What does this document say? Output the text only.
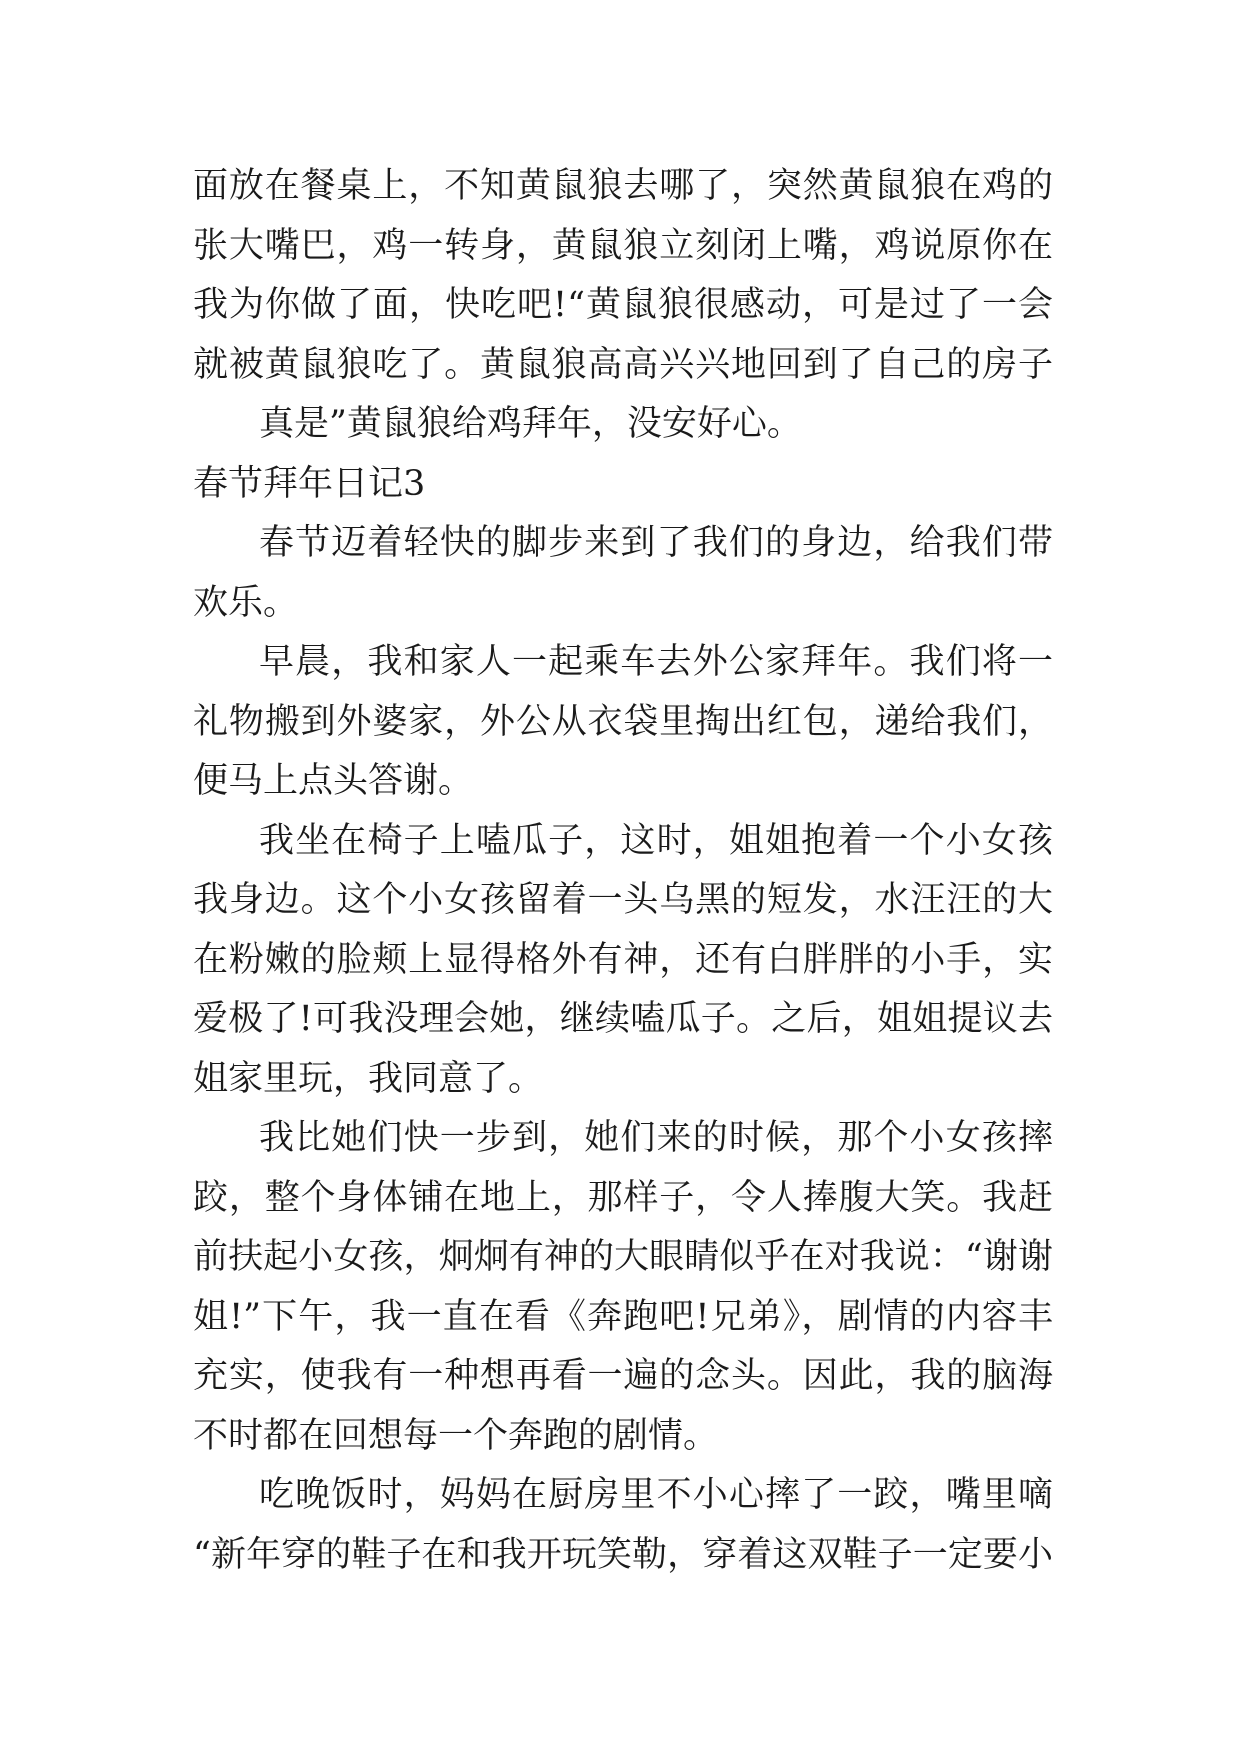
面放在餐桌上，不知黄鼠狼去哪了，突然黄鼠狼在鸡的
张大嘴巴，鸡一转身，黄鼠狼立刻闭上嘴，鸡说原你在
我为你做了面，快吃吧!“黄鼠狼很感动，可是过了一会
就被黄鼠狼吃了。黄鼠狼高高兴兴地回到了自己的房子
真是”黄鼠狼给鸡拜年，没安好心。
春节拜年日记3
春节迈着轻快的脚步来到了我们的身边，给我们带
欢乐。
早晨，我和家人一起乘车去外公家拜年。我们将一
礼物搬到外婆家，外公从衣袋里掏出红包，递给我们，
便马上点头答谢。
我坐在椅子上嗑瓜子，这时，姐姐抱着一个小女孩
我身边。这个小女孩留着一头乌黑的短发，水汪汪的大
在粉嫩的脸颊上显得格外有神，还有白胖胖的小手，实
爱极了!可我没理会她，继续嗑瓜子。之后，姐姐提议去
姐家里玩，我同意了。
我比她们快一步到，她们来的时候，那个小女孩摔
跤，整个身体铺在地上，那样子，令人捧腹大笑。我赶
前扶起小女孩，炯炯有神的大眼睛似乎在对我说：“谢谢
姐!”下午，我一直在看《奔跑吧!兄弟》，剧情的内容丰
充实，使我有一种想再看一遍的念头。因此，我的脑海
不时都在回想每一个奔跑的剧情。
吃晚饭时，妈妈在厨房里不小心摔了一跤，嘴里嘀
“新年穿的鞋子在和我开玩笑勒，穿着这双鞋子一定要小
